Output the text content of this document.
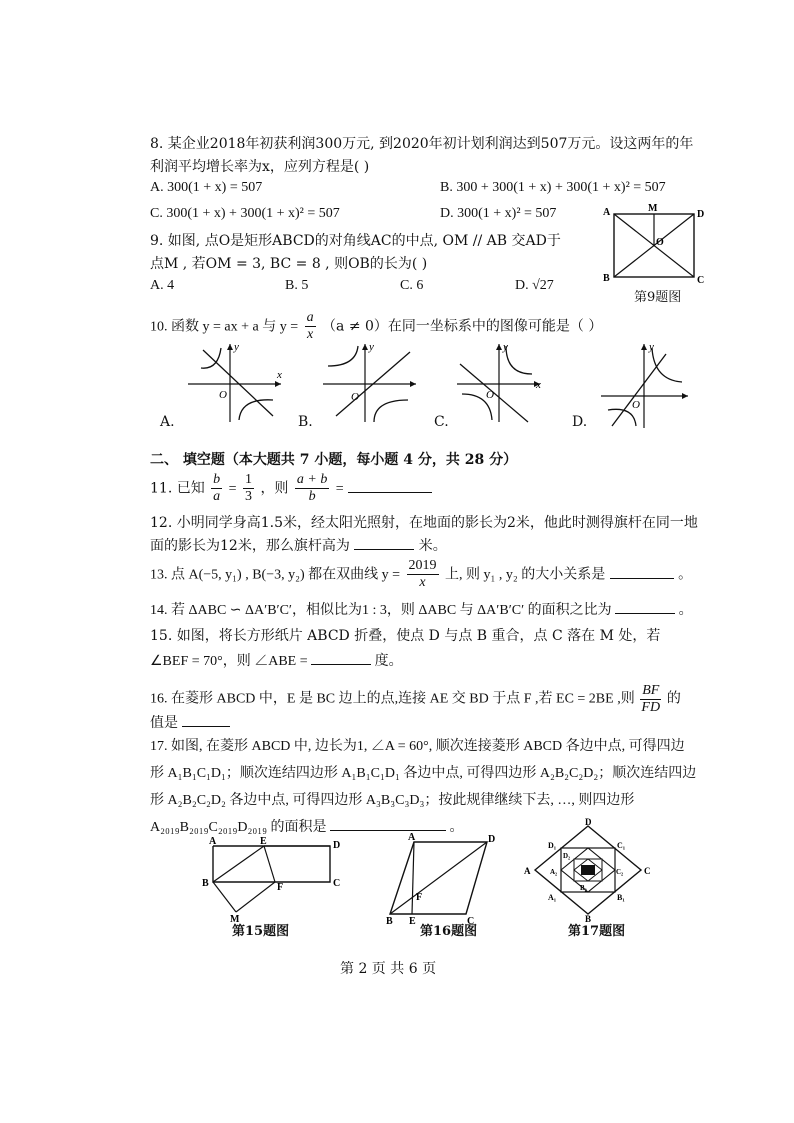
8. 某企业2018年初获利润300万元, 到2020年初计划利润达到507万元。设这两年的年
利润平均增长率为x，应列方程是( )
A. 300(1 + x) = 507	B. 300 + 300(1 + x) + 300(1 + x)² = 507
C. 300(1 + x) + 300(1 + x)² = 507	D. 300(1 + x)² = 507
9. 如图, 点O是矩形ABCD的对角线AC的中点, OM // AB 交AD于
点M , 若OM = 3, BC = 8 , 则OB的长为( )
A. 4	B. 5	C. 6	D. √27
A	M
D
O
B	C
第9题图
10. 函数 y = ax + a 与 $y = \frac{a}{x} (a \ne 0)$在同一坐标系中的图像可能是（ ）
x
y
O
A.
y
O
B.
x
y
O
C.
y
O
D.
二、 填空题（本大题共 7 小题，每小题 4 分，共 28 分）
11. 已知 $\frac{b}{a} = \frac{1}{3}$ ，则 $\frac{a + b}{b}$ =
12. 小明同学身高1.5米，经太阳光照射，在地面的影长为2米，他此时测得旗杆在同一地
面的影长为12米，那么旗杆高为	米。
13. 点 A(−5, y₁) , B(−3, y₂) 都在双曲线 $y = \frac{2019}{x}$ 上, 则 y₁ , y₂ 的大小关系是	。
14. 若 ΔABC ∽ ΔA′B′C′，相似比为1 : 3，则 ΔABC 与 ΔA′B′C′ 的面积之比为	。
15. 如图，将长方形纸片 ABCD 折叠，使点 D 与点 B 重合，点 C 落在 M 处，若
∠BEF = 70°，则 ∠ABE =	度。
16. 在菱形 ABCD 中，E 是 BC 边上的点,连接 AE 交 BD 于点 F ,若 EC = 2BE ,则 $\frac{BF}{FD}$ 的
值是
17. 如图, 在菱形 ABCD 中, 边长为1, ∠A = 60°, 顺次连接菱形 ABCD 各边中点, 可得四边
形 A₁B₁C₁D₁；顺次连结四边形 A₁B₁C₁D₁ 各边中点, 可得四边形 A₂B₂C₂D₂；顺次连结四边
形 A₂B₂C₂D₂ 各边中点, 可得四边形 A₃B₃C₃D₃；按此规律继续下去, …, 则四边形
A₂₀₁₉B₂₀₁₉C₂₀₁₉D₂₀₁₉ 的面积是	。
A	E	D
B	F	C
M
第15题图
A	D
F
B E	C
第16题图
D
A	C
B
D₁	C₁
A₁	B₁
D₂
C₂
A₂
B₂
第17题图
第 2 页 共 6 页
